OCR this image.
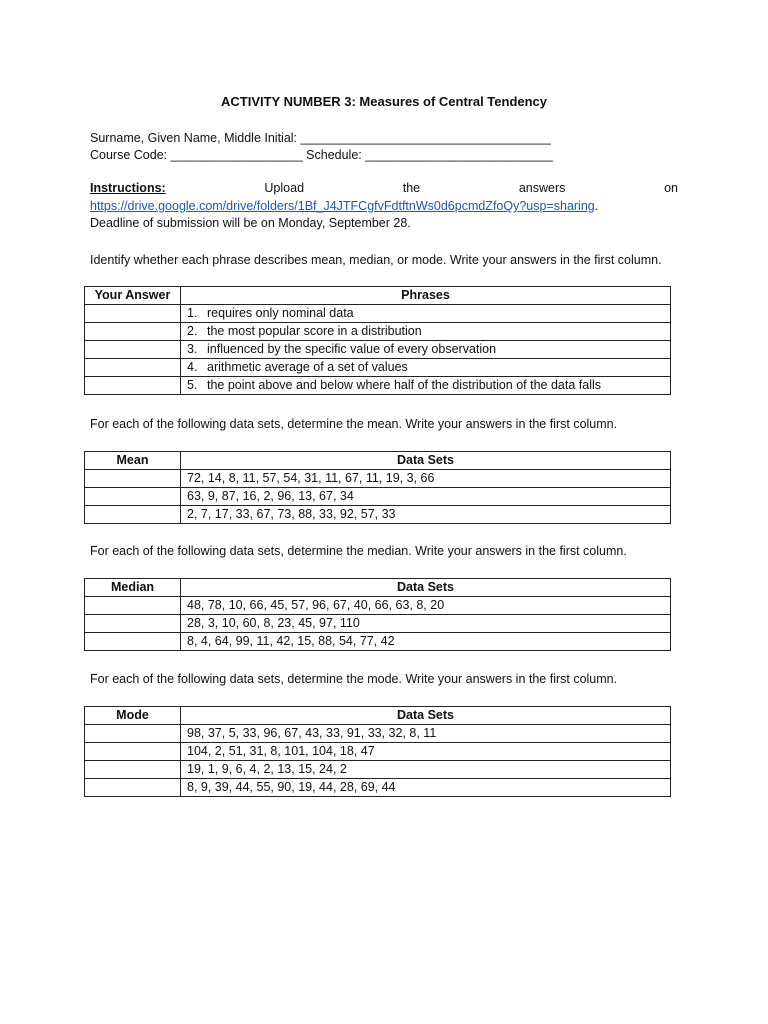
ACTIVITY NUMBER 3: Measures of Central Tendency
Surname, Given Name, Middle Initial: ____________________________________
Course Code: ___________________ Schedule: ___________________________
Instructions:	Upload	the	answers	on
https://drive.google.com/drive/folders/1Bf_J4JTFCgfvFdtftnWs0d6pcmdZfoQy?usp=sharing.
Deadline of submission will be on Monday, September 28.
Identify whether each phrase describes mean, median, or mode. Write your answers in the first column.
Your Answer	Phrases
	1. requires only nominal data
	2. the most popular score in a distribution
	3. influenced by the specific value of every observation
	4. arithmetic average of a set of values
	5. the point above and below where half of the distribution of the data falls
For each of the following data sets, determine the mean. Write your answers in the first column.
Mean	Data Sets
	72, 14, 8, 11, 57, 54, 31, 11, 67, 11, 19, 3, 66
	63, 9, 87, 16, 2, 96, 13, 67, 34
	2, 7, 17, 33, 67, 73, 88, 33, 92, 57, 33
For each of the following data sets, determine the median. Write your answers in the first column.
Median	Data Sets
	48, 78, 10, 66, 45, 57, 96, 67, 40, 66, 63, 8, 20
	28, 3, 10, 60, 8, 23, 45, 97, 110
	8, 4, 64, 99, 11, 42, 15, 88, 54, 77, 42
For each of the following data sets, determine the mode. Write your answers in the first column.
Mode	Data Sets
	98, 37, 5, 33, 96, 67, 43, 33, 91, 33, 32, 8, 11
	104, 2, 51, 31, 8, 101, 104, 18, 47
	19, 1, 9, 6, 4, 2, 13, 15, 24, 2
	8, 9, 39, 44, 55, 90, 19, 44, 28, 69, 44
